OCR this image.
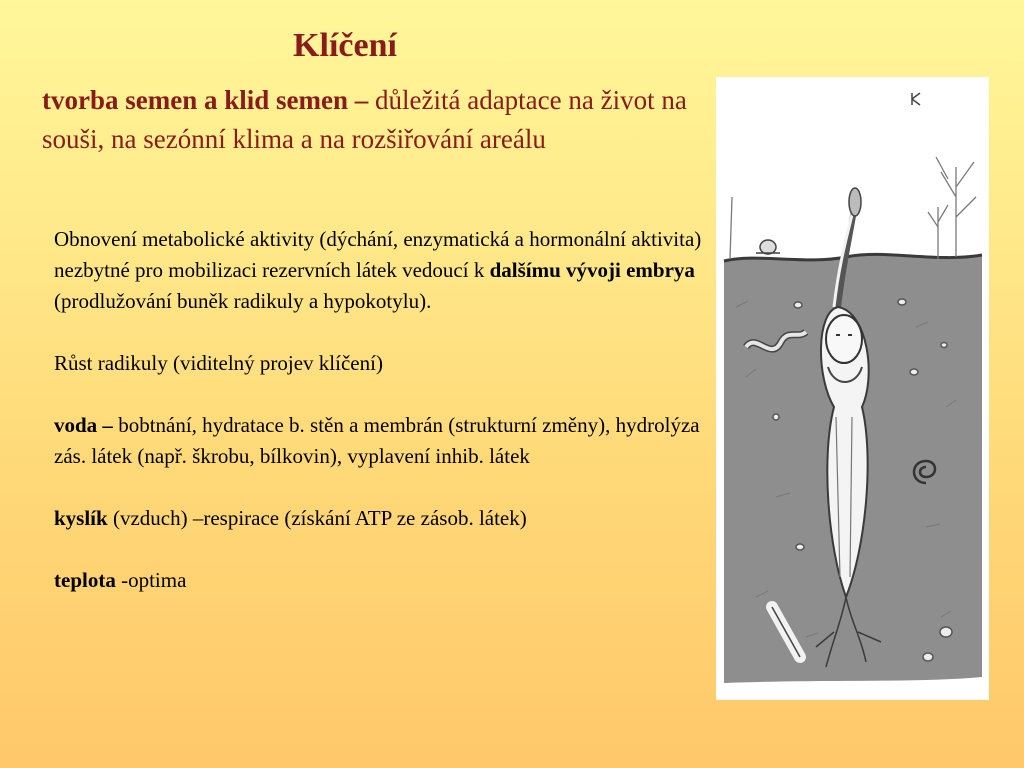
Klíčení

tvorba semen a klid semen – důležitá adaptace na život na souši, na sezónní klima a na rozšiřování areálu

Obnovení metabolické aktivity (dýchání, enzymatická a hormonální aktivita) nezbytné pro mobilizaci rezervních látek vedoucí k dalšímu vývoji embrya (prodlužování buněk radikuly a hypokotylu).

Růst radikuly (viditelný projev klíčení)

voda – bobtnání, hydratace b. stěn a membrán (strukturní změny), hydrolýza zás. látek (např. škrobu, bílkovin), vyplavení inhib. látek

kyslík (vzduch) –respirace (získání ATP ze zásob. látek)

teplota -optima
